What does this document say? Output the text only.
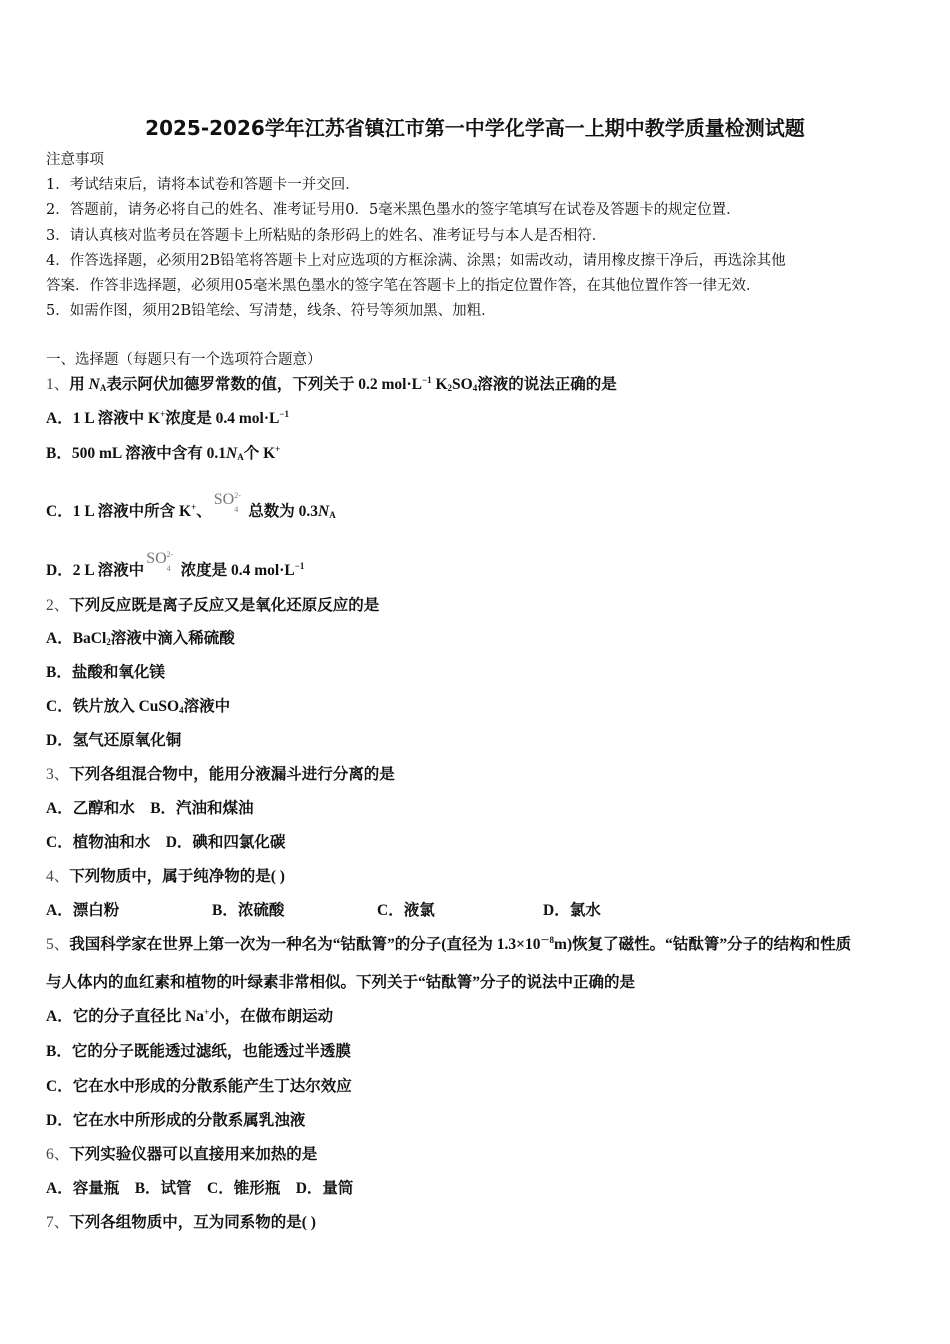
2025-2026学年江苏省镇江市第一中学化学高一上期中教学质量检测试题
注意事项
1．考试结束后，请将本试卷和答题卡一并交回．
2．答题前，请务必将自己的姓名、准考证号用0．5毫米黑色墨水的签字笔填写在试卷及答题卡的规定位置．
3．请认真核对监考员在答题卡上所粘贴的条形码上的姓名、准考证号与本人是否相符．
4．作答选择题，必须用2B铅笔将答题卡上对应选项的方框涂满、涂黑；如需改动，请用橡皮擦干净后，再选涂其他
答案．作答非选择题，必须用05毫米黑色墨水的签字笔在答题卡上的指定位置作答，在其他位置作答一律无效．
5．如需作图，须用2B铅笔绘、写清楚，线条、符号等须加黑、加粗．
一、选择题（每题只有一个选项符合题意）
1、用 $N_A$表示阿伏加德罗常数的值，下列关于 0.2 $mol\cdot L^{-1}$ $K_2SO_4$溶液的说法正确的是
A．1 L 溶液中 K+浓度是 0.4 $mol\cdot L^{-1}$
B．500 mL 溶液中含有 $0.1N_A$个 K+
C．1 L 溶液中所含 K+、SO 2-
4 总数为 $0.3N_A$
D．2 L 溶液中SO 2-
4 浓度是 0.4 $mol\cdot L^{-1}$
2、下列反应既是离子反应又是氧化还原反应的是
A．BaCl$_2$溶液中滴入稀硫酸
B．盐酸和氧化镁
C．铁片放入 CuSO$_4$溶液中
D．氢气还原氧化铜
3、下列各组混合物中，能用分液漏斗进行分离的是
A．乙醇和水　B．汽油和煤油
C．植物油和水　D．碘和四氯化碳
4、下列物质中，属于纯净物的是( )
5、我国科学家在世界上第一次为一种名为“钴酞箐”的分子(直径为 $1.3\times 10^{-8}m$)恢复了磁性。“钴酞箐”分子的结构和性质
与人体内的血红素和植物的叶绿素非常相似。下列关于“钴酞箐”分子的说法中正确的是
A．它的分子直径比 Na+小，在做布朗运动
B．它的分子既能透过滤纸，也能透过半透膜
C．它在水中形成的分散系能产生丁达尔效应
D．它在水中所形成的分散系属乳浊液
6、下列实验仪器可以直接用来加热的是
A．容量瓶　B．试管　C．锥形瓶　D．量筒
7、下列各组物质中，互为同系物的是( )
A．漂白粉	B．浓硫酸	C．液氯	D．氯水
